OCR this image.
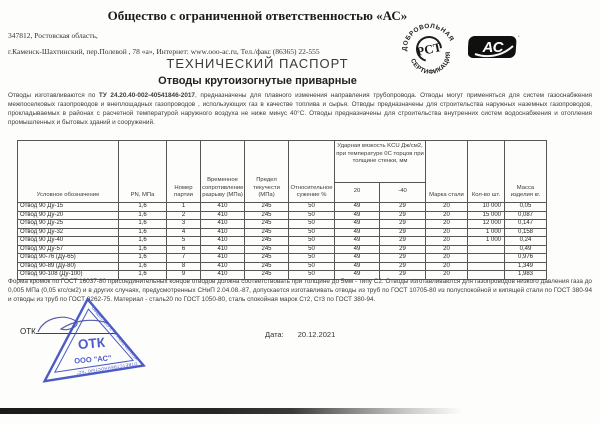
Общество с ограниченной ответственностью «АС»
347812, Ростовская область,
г.Каменск-Шахтинский, пер.Полевой , 78 «а», Интернет: www.ooo-ac.ru, Тел./факс (86365) 22-555	ДОБРОВОЛЬНАЯ
СЕРТИФИКАЦИЯ
РСТ	АС
*
ТЕХНИЧЕСКИЙ ПАСПОРТ
Отводы крутоизогнутые приварные
Отводы изготавливаются по ТУ 24.20.40-002-40541846-2017, предназначены для плавного изменения направления трубопровода. Отводы могут применяться для систем газоснабжения межпоселковых газопроводов и внеплощадных газопроводов , использующих газ в качестве топлива и сырья. Отводы предназначены для строительства наружных наземных газопроводов, прокладываемых в районах с расчетной температурой наружного воздуха не ниже минус 40°С. Отводы предназначены для строительства внутренних систем водоснабжения и отопления промышленных и бытовых зданий и сооружений.
Условное обозначение	PN, МПа	Номер партии	Временное сопротивление разрыву (МПа)	Предел текучести (МПа)	Относительное сужение %	Ударная вязкость KCU Дж/см2, при температуре 0С торцов при толщине стенки, мм		Марка стали	Кол-во шт.	Масса изделия кг.
						20	-40			
Отвод 90 Ду-15	1,6	1	410	245	50	49	29	20	10 000	0,05
Отвод 90 Ду-20	1,6	2	410	245	50	49	29	20	15 000	0,087
Отвод 90 Ду-25	1,6	3	410	245	50	49	29	20	12 000	0,147
Отвод 90 Ду-32	1,6	4	410	245	50	49	29	20	1 000	0,158
Отвод 90 Ду-40	1,6	5	410	245	50	49	29	20	1 000	0,24
Отвод 90 Ду-57	1,6	6	410	245	50	49	29	20		0,49
Отвод 90-76 (Ду-65)	1,6	7	410	245	50	49	29	20		0,976
Отвод 90-89 (Ду-80)	1,6	8	410	245	50	49	29	20		1,349
Отвод 90-108 (Ду-100)	1,6	9	410	245	50	49	29	20		1,983
Форма кромок по ГОСТ 16037-80 присоединительных концов отводов должна соответствовать при толщине до 5мм - типу С2. Отводы изготавливаются для газопроводов низкого давления газа до 0,005 МПа (0,05 кгс/см2) и в других случаях, предусмотренных СНиП 2.04.08.-87, допускается изготавливать отводы из труб по ГОСТ 10705-80 из полуспокойной и кипящей стали по ГОСТ 380-94 и отводы из труб по ГОСТ 3262-75. Материал - сталь20 по ГОСТ 1050-80, сталь спокойная марок Ст2, Ст3 по ГОСТ 380-94.
ОТК
ОБЩЕСТВО С ОГРАНИЧЕННОЙ ОТВЕТСТВЕННОСТЬЮ "АС"
ОТК
ООО "АС"
Дата: 20.12.2021
